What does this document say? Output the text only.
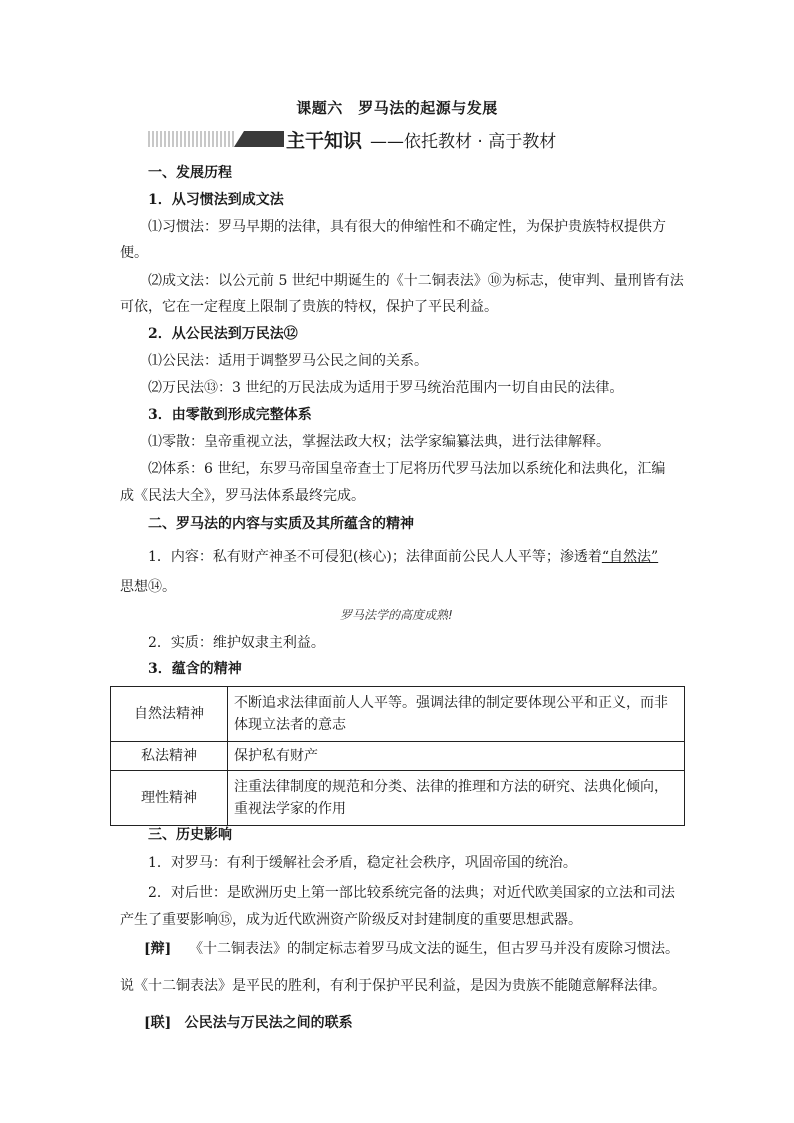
课题六　罗马法的起源与发展
主干知识 ——依托教材 · 高于教材
一、发展历程
1．从习惯法到成文法
⑴习惯法：罗马早期的法律，具有很大的伸缩性和不确定性，为保护贵族特权提供方
便。
⑵成文法：以公元前 5 世纪中期诞生的《十二铜表法》⑩为标志，使审判、量刑皆有法
可依，它在一定程度上限制了贵族的特权，保护了平民利益。
2．从公民法到万民法⑫
⑴公民法：适用于调整罗马公民之间的关系。
⑵万民法⑬：3 世纪的万民法成为适用于罗马统治范围内一切自由民的法律。
3．由零散到形成完整体系
⑴零散：皇帝重视立法，掌握法政大权；法学家编纂法典，进行法律解释。
⑵体系：6 世纪，东罗马帝国皇帝查士丁尼将历代罗马法加以系统化和法典化，汇编
成《民法大全》，罗马法体系最终完成。
二、罗马法的内容与实质及其所蕴含的精神
1．内容：私有财产神圣不可侵犯(核心)；法律面前公民人人平等；渗透着“自然法”
思想⑭。
罗马法学的高度成熟!
2．实质：维护奴隶主利益。
3．蕴含的精神
自然法精神	不断追求法律面前人人平等。强调法律的制定要体现公平和正义，而非体现立法者的意志
私法精神	保护私有财产
理性精神	注重法律制度的规范和分类、法律的推理和方法的研究、法典化倾向，重视法学家的作用
三、历史影响
1．对罗马：有利于缓解社会矛盾，稳定社会秩序，巩固帝国的统治。
2．对后世：是欧洲历史上第一部比较系统完备的法典；对近代欧美国家的立法和司法
产生了重要影响⑮，成为近代欧洲资产阶级反对封建制度的重要思想武器。
[辩] 《十二铜表法》的制定标志着罗马成文法的诞生，但古罗马并没有废除习惯法。
说《十二铜表法》是平民的胜利，有利于保护平民利益，是因为贵族不能随意解释法律。
[联] 公民法与万民法之间的联系
